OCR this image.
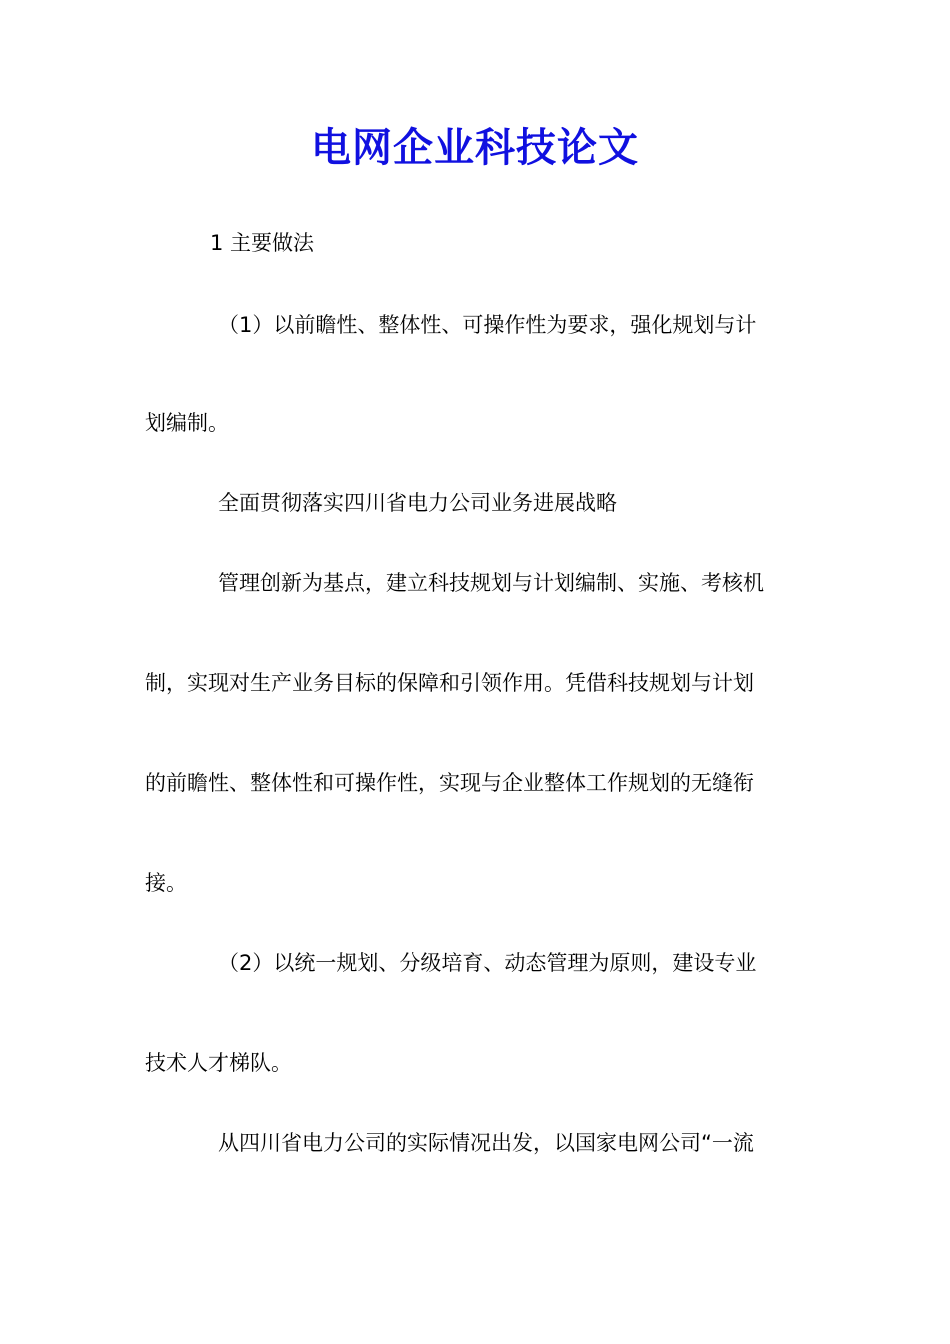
电网企业科技论文
1 主要做法
（1）以前瞻性、整体性、可操作性为要求，强化规划与计
划编制。
全面贯彻落实四川省电力公司业务进展战略
管理创新为基点，建立科技规划与计划编制、实施、考核机
制，实现对生产业务目标的保障和引领作用。凭借科技规划与计划
的前瞻性、整体性和可操作性，实现与企业整体工作规划的无缝衔
接。
（2）以统一规划、分级培育、动态管理为原则，建设专业
技术人才梯队。
从四川省电力公司的实际情况出发，以国家电网公司“一流
